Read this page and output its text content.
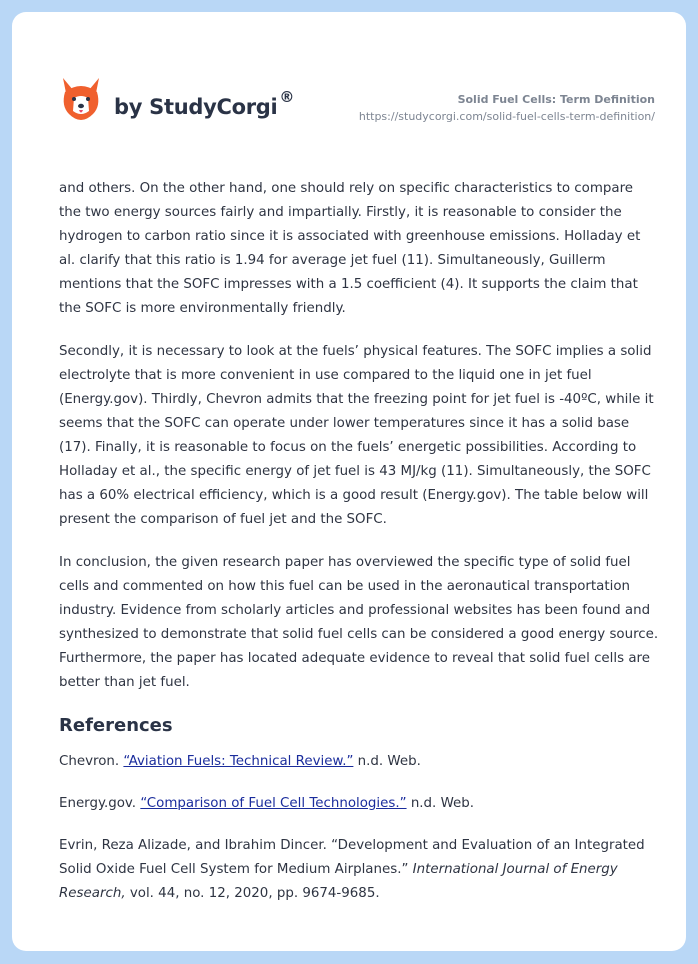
by StudyCorgi ®	Solid Fuel Cells: Term Definition
https://studycorgi.com/solid-fuel-cells-term-definition/

and others. On the other hand, one should rely on specific characteristics to compare the two energy sources fairly and impartially. Firstly, it is reasonable to consider the hydrogen to carbon ratio since it is associated with greenhouse emissions. Holladay et al. clarify that this ratio is 1.94 for average jet fuel (11). Simultaneously, Guillerm mentions that the SOFC impresses with a 1.5 coefficient (4). It supports the claim that the SOFC is more environmentally friendly.

Secondly, it is necessary to look at the fuels’ physical features. The SOFC implies a solid electrolyte that is more convenient in use compared to the liquid one in jet fuel (Energy.gov). Thirdly, Chevron admits that the freezing point for jet fuel is -40ºC, while it seems that the SOFC can operate under lower temperatures since it has a solid base (17). Finally, it is reasonable to focus on the fuels’ energetic possibilities. According to Holladay et al., the specific energy of jet fuel is 43 MJ/kg (11). Simultaneously, the SOFC has a 60% electrical efficiency, which is a good result (Energy.gov). The table below will present the comparison of fuel jet and the SOFC.

In conclusion, the given research paper has overviewed the specific type of solid fuel cells and commented on how this fuel can be used in the aeronautical transportation industry. Evidence from scholarly articles and professional websites has been found and synthesized to demonstrate that solid fuel cells can be considered a good energy source. Furthermore, the paper has located adequate evidence to reveal that solid fuel cells are better than jet fuel.

References
Chevron. “Aviation Fuels: Technical Review.” n.d. Web.
Energy.gov. “Comparison of Fuel Cell Technologies.” n.d. Web.
Evrin, Reza Alizade, and Ibrahim Dincer. “Development and Evaluation of an Integrated Solid Oxide Fuel Cell System for Medium Airplanes.” International Journal of Energy Research, vol. 44, no. 12, 2020, pp. 9674-9685.
